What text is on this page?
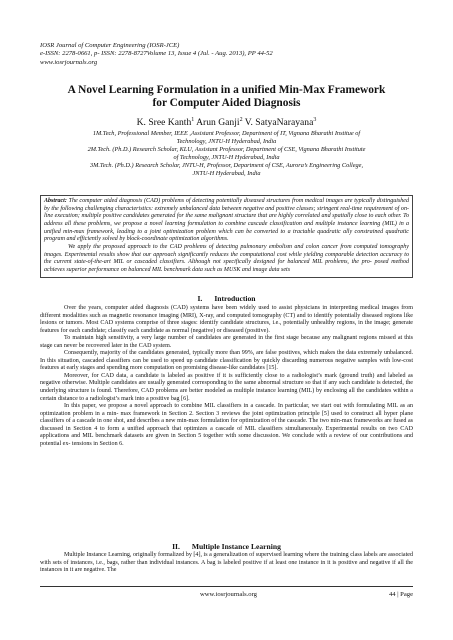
IOSR Journal of Computer Engineering (IOSR-JCE)
e-ISSN: 2278-0661, p- ISSN: 2278-8727Volume 13, Issue 4 (Jul. - Aug. 2013), PP 44-52
www.iosrjournals.org
A Novel Learning Formulation in a unified Min-Max Framework
for Computer Aided Diagnosis
K. Sree Kanth$^1$ Arun Ganji$^2$ V. SatyaNarayana$^3$
1M.Tech, Professional Member, IEEE ,Assistant Professor, Department of IT, Vignana Bharathi Institue of
Technology, JNTU-H Hyderabad, India
2M.Tech. (Ph.D.) Research Scholar, KLU, Assistant Professor, Department of CSE, Vignana Bharathi Institute
of Technology, JNTU-H Hyderabad, India
3M.Tech. (Ph.D.) Research Scholar, JNTU-H, Professor, Department of CSE, Aurora’s Engineering College,
JNTU-H Hyderabad, India

Abstract: The computer aided diagnosis (CAD) problems of detecting potentially diseased structures from medical images are typically distinguished by the following challenging characteristics: extremely unbalanced data between negative and positive classes; stringent real-time requirement of on- line execution; multiple positive candidates generated for the same malignant structure that are highly correlated and spatially close to each other. To address all these problems, we propose a novel learning formulation to combine cascade classification and multiple instance learning (MIL) in a unified min-max framework, leading to a joint optimization problem which can be converted to a tractable quadratic ally constrained quadratic program and efficiently solved by block-coordinate optimization algorithms.

We apply the proposed approach to the CAD problems of detecting pulmonary embolism and colon cancer from computed tomography images. Experimental results show that our approach significantly reduces the computational cost while yielding comparable detection accuracy to the current state-of-the-art MIL or cascaded classifiers. Although not specifically designed for balanced MIL problems, the pro- posed method achieves superior performance on balanced MIL benchmark data such as MUSK and image data sets

I. Introduction

Over the years, computer aided diagnosis (CAD) systems have been widely used to assist physicians in interpreting medical images from different modalities such as magnetic resonance imaging (MRI), X-ray, and computed tomography (CT) and to identify potentially diseased regions like lesions or tumors. Most CAD systems comprise of three stages: identify candidate structures, i.e., potentially unhealthy regions, in the image; generate features for each candidate; classify each candidate as normal (negative) or diseased (positive).

To maintain high sensitivity, a very large number of candidates are generated in the first stage because any malignant regions missed at this stage can never be recovered later in the CAD system.

Consequently, majority of the candidates generated, typically more than 99%, are false positives, which makes the data extremely unbalanced. In this situation, cascaded classifiers can be used to speed up candidate classification by quickly discarding numerous negative samples with low-cost features at early stages and spending more computation on promising disease-like candidates [15].

Moreover, for CAD data, a candidate is labeled as positive if it is sufficiently close to a radiologist’s mark (ground truth) and labeled as negative otherwise. Multiple candidates are usually generated corresponding to the same abnormal structure so that if any such candidate is detected, the underlying structure is found. Therefore, CAD problems are better modeled as multiple instance learning (MIL) by enclosing all the candidates within a certain distance to a radiologist’s mark into a positive bag [6].

In this paper, we propose a novel approach to combine MIL classifiers in a cascade. In particular, we start out with formulating MIL as an optimization problem in a min- max framework in Section 2. Section 3 reviews the joint optimization principle [5] used to construct all hyper plane classifiers of a cascade in one shot, and describes a new min-max formulation for optimization of the cascade. The two min-max frameworks are fused as discussed in Section 4 to form a unified approach that optimizes a cascade of MIL classifiers simultaneously. Experimental results on two CAD applications and MIL benchmark datasets are given in Section 5 together with some discussion. We conclude with a review of our contributions and potential ex- tensions in Section 6.

II. Multiple Instance Learning

Multiple Instance Learning, originally formalized by [4], is a generalization of supervised learning where the training class labels are associated with sets of instances, i.e., bags, rather than individual instances. A bag is labeled positive if at least one instance in it is positive and negative if all the instances in it are negative. The

www.iosrjournals.org	44 | Page
